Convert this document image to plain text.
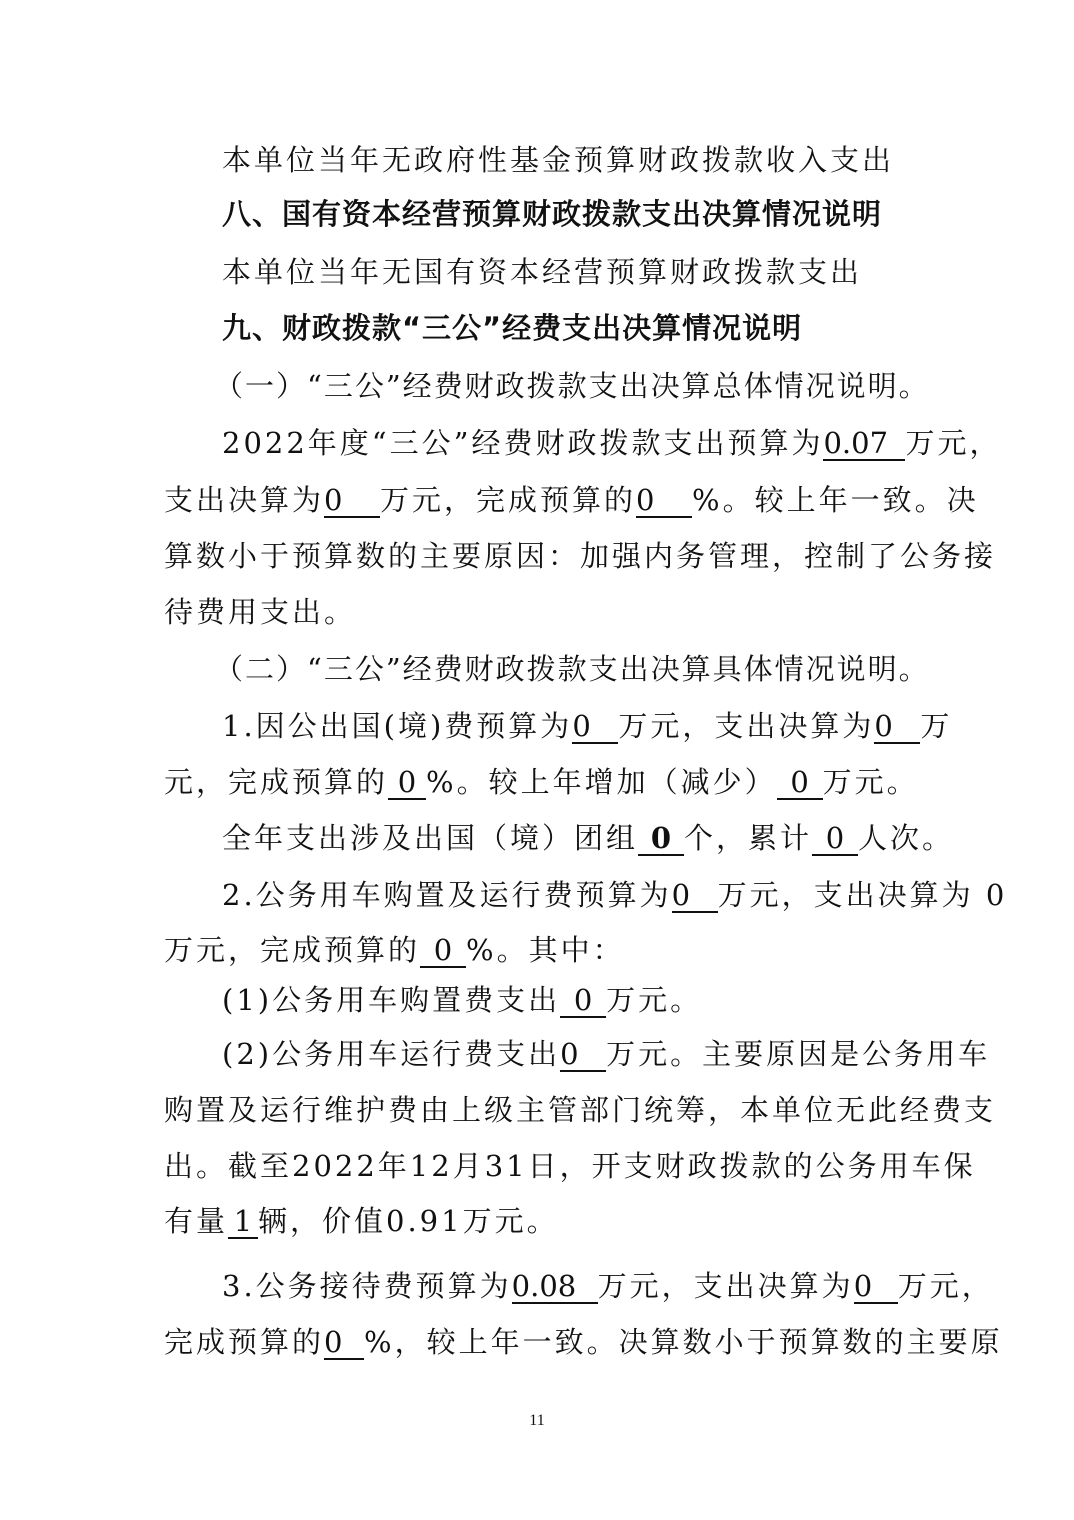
本单位当年无政府性基金预算财政拨款收入支出
八、国有资本经营预算财政拨款支出决算情况说明
本单位当年无国有资本经营预算财政拨款支出
九、财政拨款“三公”经费支出决算情况说明
（一）“三公”经费财政拨款支出决算总体情况说明。
2022年度“三公”经费财政拨款支出预算为0.07 万元，
支出决算为0 万元，完成预算的0 %。较上年一致。决
算数小于预算数的主要原因：加强内务管理，控制了公务接
待费用支出。
（二）“三公”经费财政拨款支出决算具体情况说明。
1.因公出国(境)费预算为0 万元，支出决算为0 万
元，完成预算的 0 %。较上年增加（减少） 0 万元。
全年支出涉及出国（境）团组 0 个，累计 0 人次。
2.公务用车购置及运行费预算为0 万元，支出决算为 0
万元，完成预算的 0 %。其中：
(1)公务用车购置费支出 0 万元。
(2)公务用车运行费支出0 万元。主要原因是公务用车
购置及运行维护费由上级主管部门统筹，本单位无此经费支
出。截至2022年12月31日，开支财政拨款的公务用车保
有量 1 辆，价值0.91万元。
3.公务接待费预算为0.08 万元，支出决算为0 万元，
完成预算的0 %，较上年一致。决算数小于预算数的主要原
11
